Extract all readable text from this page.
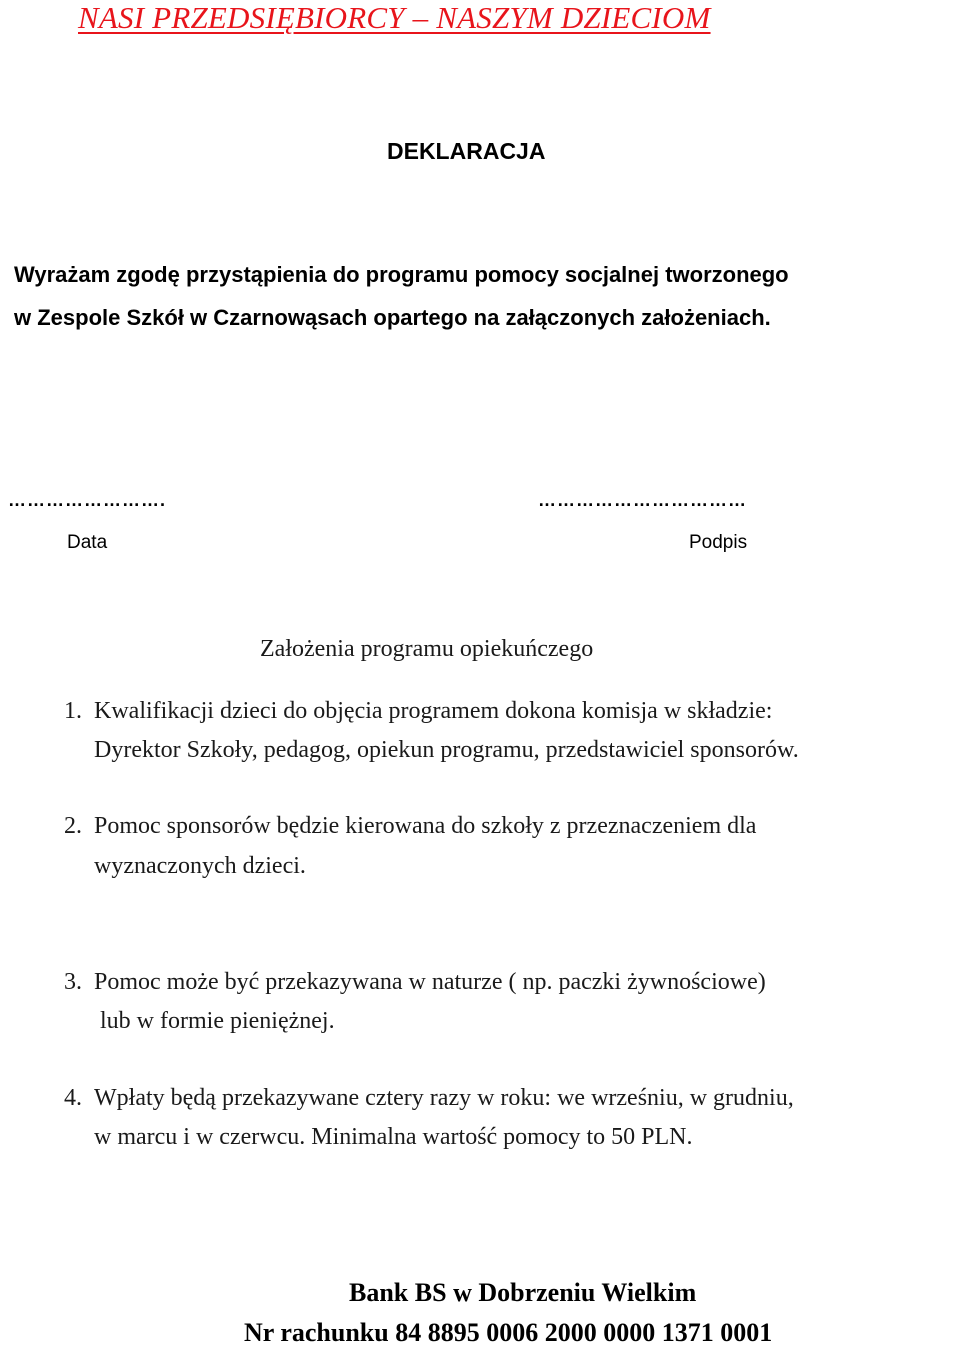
NASI PRZEDSIĘBIORCY – NASZYM DZIECIOM
DEKLARACJA
Wyrażam zgodę przystąpienia do programu pomocy socjalnej tworzonego
w Zespole Szkół w Czarnowąsach opartego na załączonych założeniach.
…………………….	……………………………
Data	Podpis
Założenia programu opiekuńczego
1. Kwalifikacji dzieci do objęcia programem dokona komisja w składzie:
Dyrektor Szkoły, pedagog, opiekun programu, przedstawiciel sponsorów.
2. Pomoc sponsorów będzie kierowana do szkoły z przeznaczeniem dla
wyznaczonych dzieci.
3. Pomoc może być przekazywana w naturze ( np. paczki żywnościowe)
lub w formie pieniężnej.
4. Wpłaty będą przekazywane cztery razy w roku: we wrześniu, w grudniu,
w marcu i w czerwcu. Minimalna wartość pomocy to 50 PLN.
Bank BS w Dobrzeniu Wielkim
Nr rachunku 84 8895 0006 2000 0000 1371 0001
